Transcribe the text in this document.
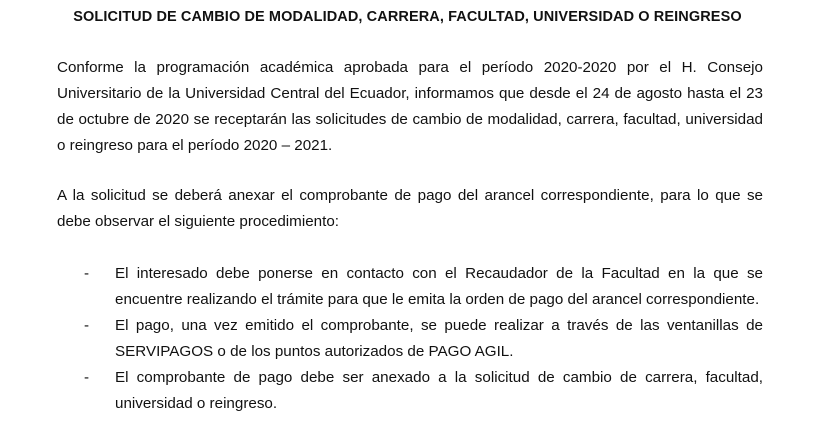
SOLICITUD DE CAMBIO DE MODALIDAD, CARRERA, FACULTAD, UNIVERSIDAD O REINGRESO

Conforme la programación académica aprobada para el período 2020-2020 por el H. Consejo Universitario de la Universidad Central del Ecuador, informamos que desde el 24 de agosto hasta el 23 de octubre de 2020 se receptarán las solicitudes de cambio de modalidad, carrera, facultad, universidad o reingreso para el período 2020 – 2021.

A la solicitud se deberá anexar el comprobante de pago del arancel correspondiente, para lo que se debe observar el siguiente procedimiento:

- El interesado debe ponerse en contacto con el Recaudador de la Facultad en la que se encuentre realizando el trámite para que le emita la orden de pago del arancel correspondiente.
- El pago, una vez emitido el comprobante, se puede realizar a través de las ventanillas de SERVIPAGOS o de los puntos autorizados de PAGO AGIL.
- El comprobante de pago debe ser anexado a la solicitud de cambio de carrera, facultad, universidad o reingreso.
